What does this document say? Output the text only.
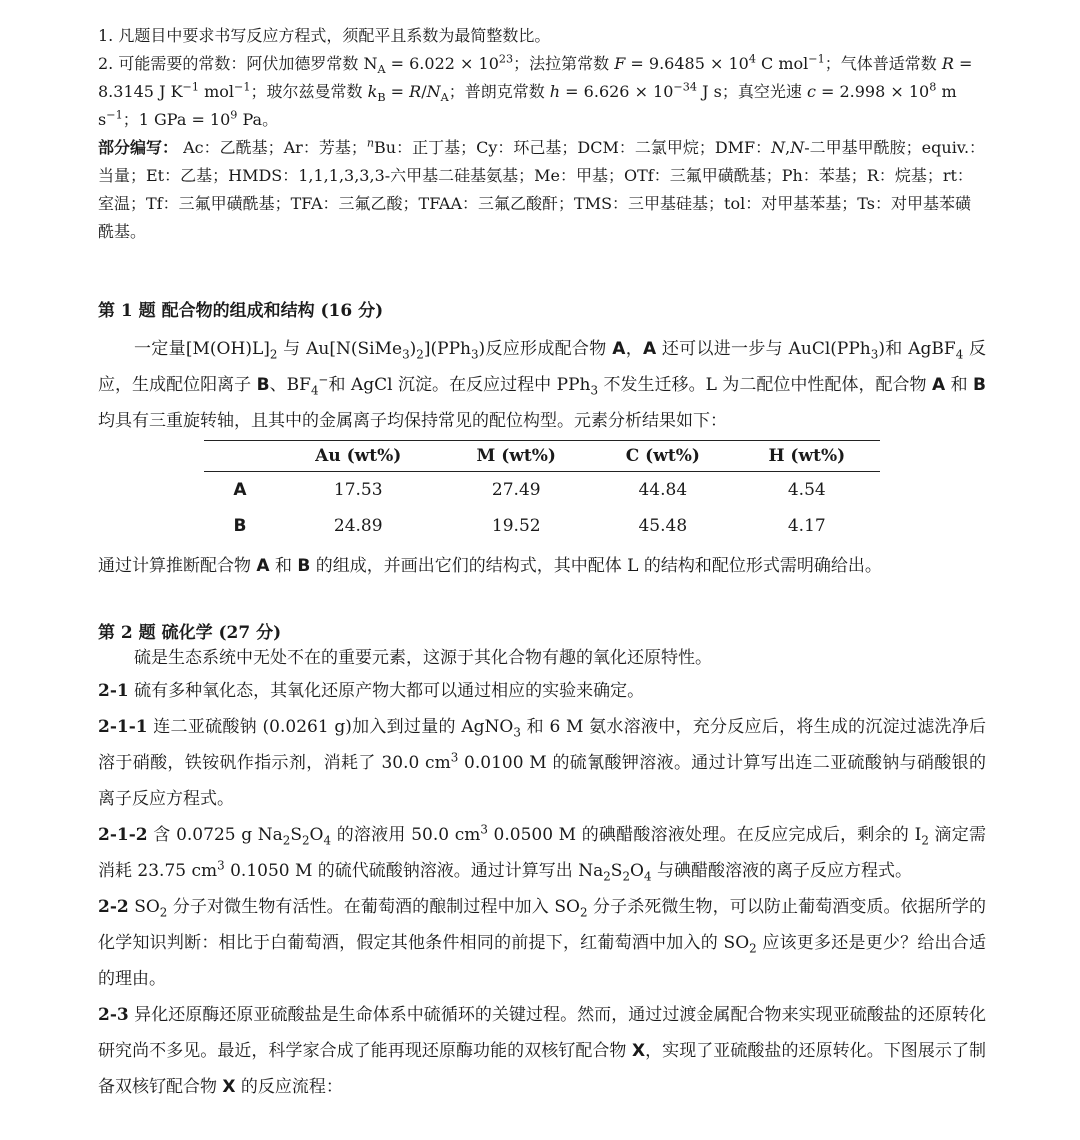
1. 凡题目中要求书写反应方程式，须配平且系数为最简整数比。

2. 可能需要的常数：阿伏加德罗常数 $N_A = 6.022 \times 10^{23}$；法拉第常数 $F = 9.6485 \times 10^4$ C mol$^{-1}$；气体普适常数 R = 8.3145 J $K^{-1}$ mol$^{-1}$；玻尔兹曼常数 $k_B = R/N_A$；普朗克常数 $h = 6.626 \times 10^{-34}$ J s；真空光速 $c = 2.998 \times 10^8$ m $s^{-1}$；1 GPa = $10^9$ Pa。

部分编写： Ac：乙酰基；Ar：芳基；$^n$Bu：正丁基；Cy：环己基；DCM：二氯甲烷；DMF：N,N-二甲基甲酰胺；equiv.：当量；Et：乙基；HMDS：1,1,1,3,3,3-六甲基二硅基氨基；Me：甲基；OTf：三氟甲磺酰基；Ph：苯基；R：烷基；rt：室温；Tf：三氟甲磺酰基；TFA：三氟乙酸；TFAA：三氟乙酸酐；TMS：三甲基硅基；tol：对甲基苯基；Ts：对甲基苯磺酰基。

第 1 题 配合物的组成和结构 (16 分)

一定量$[M(OH)L]_2$ 与 $Au[N(SiMe_3)_2](PPh_3)$反应形成配合物 A，A 还可以进一步与 AuCl(PPh$_3$)和 AgBF$_4$ 反应，生成配位阳离子 B、$BF_4^-$和 AgCl 沉淀。在反应过程中 PPh$_3$ 不发生迁移。L 为二配位中性配体，配合物 A 和 B 均具有三重旋转轴，且其中的金属离子均保持常见的配位构型。元素分析结果如下：

	Au (wt%)	M (wt%)	C (wt%)	H (wt%)
A	17.53	27.49	44.84	4.54
B	24.89	19.52	45.48	4.17

通过计算推断配合物 A 和 B 的组成，并画出它们的结构式，其中配体 L 的结构和配位形式需明确给出。

第 2 题 硫化学 (27 分)

硫是生态系统中无处不在的重要元素，这源于其化合物有趣的氧化还原特性。

2-1 硫有多种氧化态，其氧化还原产物大都可以通过相应的实验来确定。

2-1-1 连二亚硫酸钠 (0.0261 g)加入到过量的 AgNO$_3$ 和 6 M 氨水溶液中，充分反应后，将生成的沉淀过滤洗净后溶于硝酸，铁铵矾作指示剂，消耗了 30.0 $cm^3$ 0.0100 M 的硫氰酸钾溶液。通过计算写出连二亚硫酸钠与硝酸银的离子反应方程式。

2-1-2 含 0.0725 g $Na_2S_2O_4$ 的溶液用 50.0 $cm^3$ 0.0500 M 的碘醋酸溶液处理。在反应完成后，剩余的 $I_2$ 滴定需消耗 23.75 $cm^3$ 0.1050 M 的硫代硫酸钠溶液。通过计算写出 $Na_2S_2O_4$ 与碘醋酸溶液的离子反应方程式。

2-2 $SO_2$ 分子对微生物有活性。在葡萄酒的酿制过程中加入 $SO_2$ 分子杀死微生物，可以防止葡萄酒变质。依据所学的化学知识判断：相比于白葡萄酒，假定其他条件相同的前提下，红葡萄酒中加入的 $SO_2$ 应该更多还是更少？给出合适的理由。

2-3 异化还原酶还原亚硫酸盐是生命体系中硫循环的关键过程。然而，通过过渡金属配合物来实现亚硫酸盐的还原转化研究尚不多见。最近，科学家合成了能再现还原酶功能的双核钌配合物 X，实现了亚硫酸盐的还原转化。下图展示了制备双核钌配合物 X 的反应流程：
